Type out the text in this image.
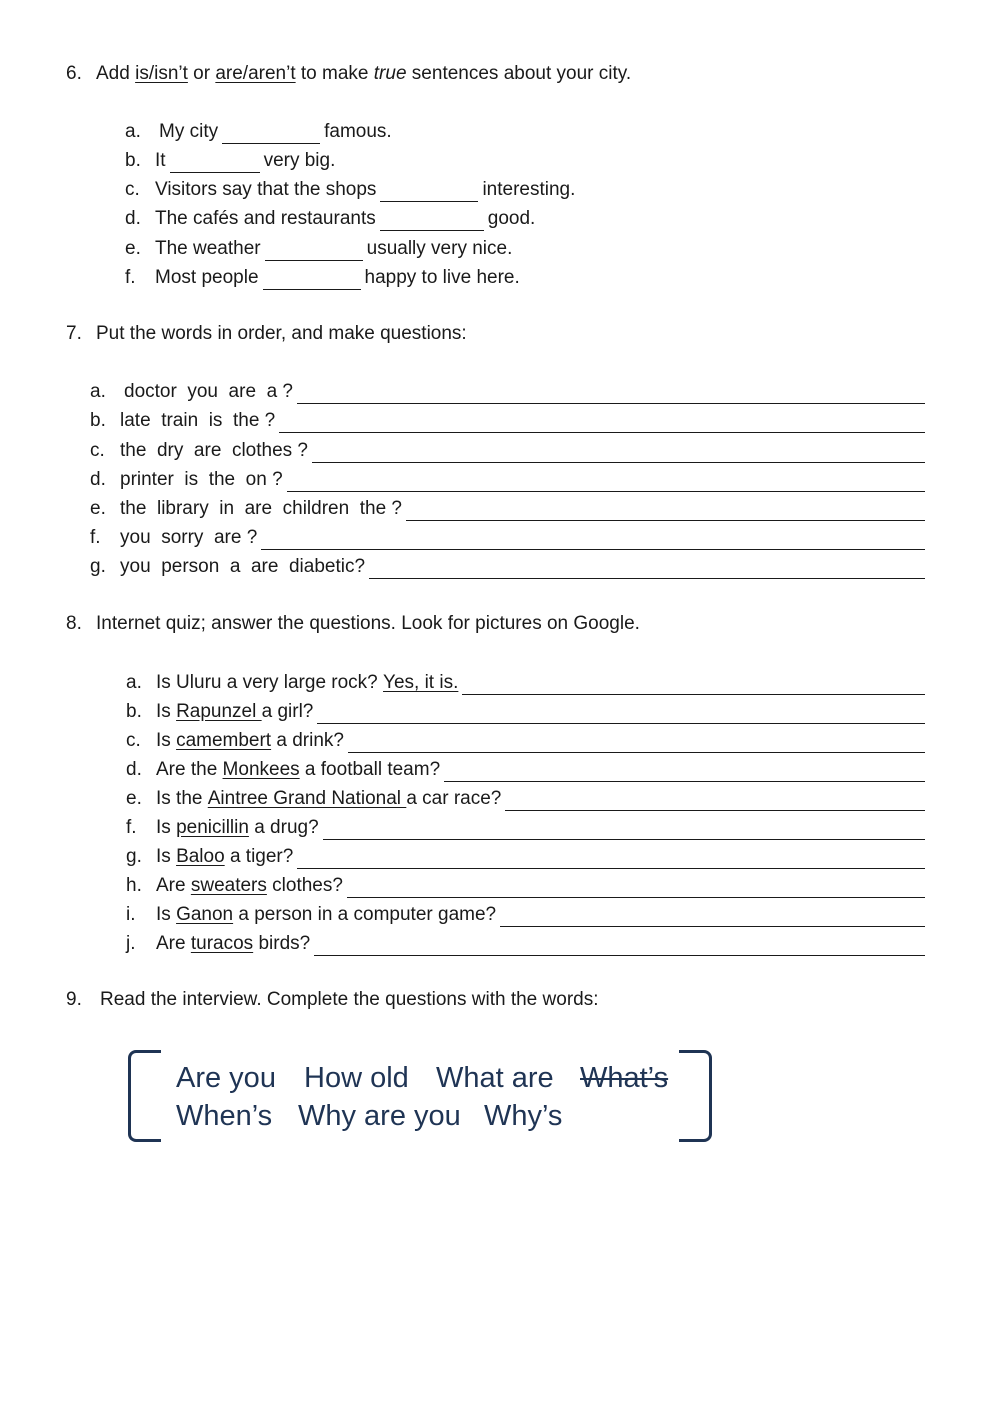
6. Add is/isn’t or are/aren’t to make true sentences about your city.
a. My city	famous.
b. It	very big.
c. Visitors say that the shops	interesting.
d. The cafés and restaurants	good.
e. The weather	usually very nice.
f.	Most people	happy to live here.
7. Put the words in order, and make questions:
a. doctor  you  are  a ?
b. late  train  is  the ?
c. the  dry  are  clothes ?
d. printer  is  the  on ?
e. the  library  in  are  children  the ?
f.	you  sorry  are ?
g. you  person  a  are  diabetic?
8. Internet quiz; answer the questions. Look for pictures on Google.
a. Is Uluru a very large rock? Yes, it is.
b. Is Rapunzel a girl?
c. Is camembert a drink?
d. Are the Monkees a football team?
e. Is the Aintree Grand National a car race?
f.	Is penicillin a drug?
g. Is Baloo a tiger?
h. Are sweaters clothes?
i.	Is Ganon a person in a computer game?
j.	Are turacos birds?
9. Read the interview. Complete the questions with the words:
Are you How old What are What’s
When’s Why are you Why’s
